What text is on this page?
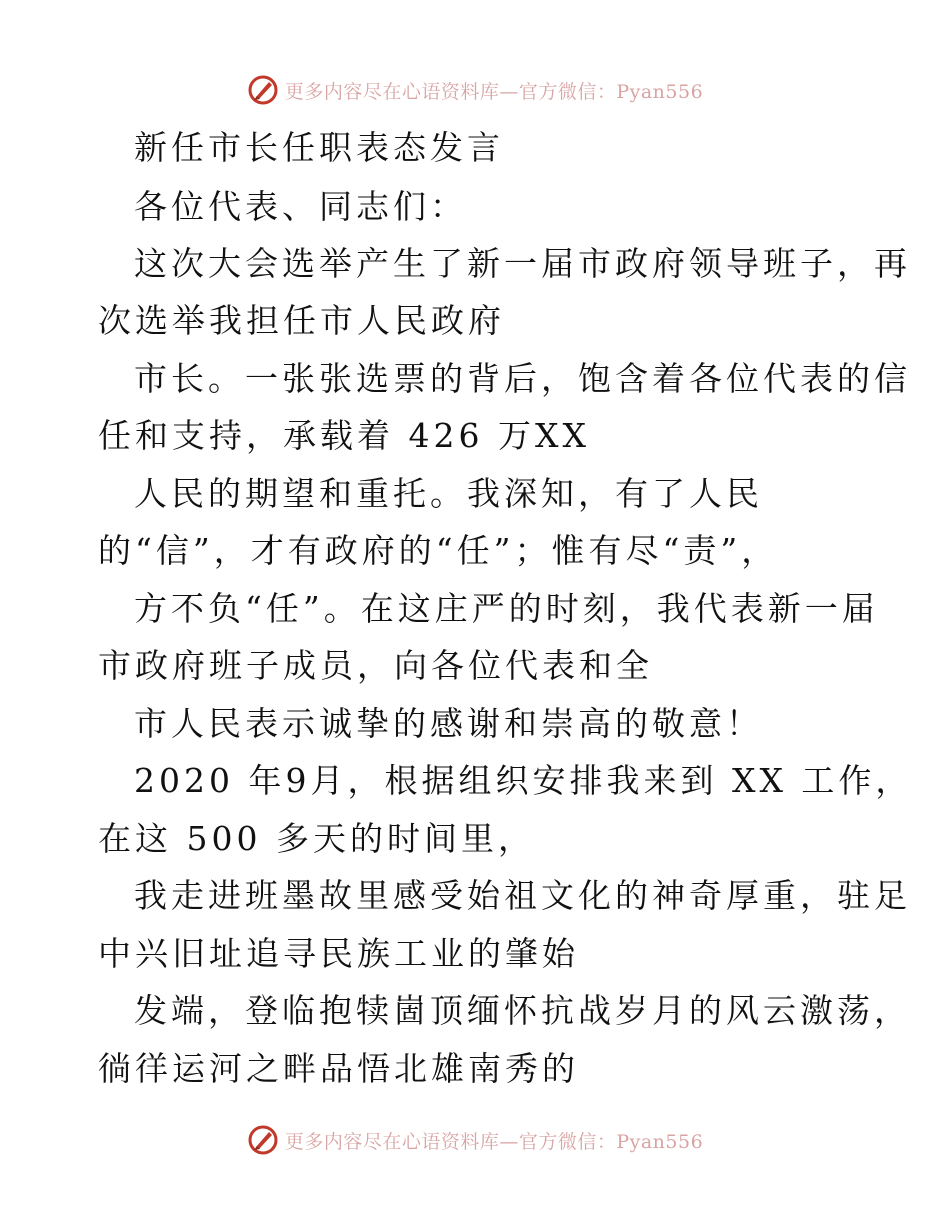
更多内容尽在心语资料库—官方微信：Pyan556
新任市长任职表态发言
各位代表、同志们：
这次大会选举产生了新一届市政府领导班子，再
次选举我担任市人民政府
市长。一张张选票的背后，饱含着各位代表的信
任和支持，承载着 426 万XX
人民的期望和重托。我深知，有了人民
的“信”，才有政府的“任”；惟有尽“责”，
方不负“任”。在这庄严的时刻，我代表新一届
市政府班子成员，向各位代表和全
市人民表示诚挚的感谢和崇高的敬意！
2020 年9月，根据组织安排我来到 XX 工作，
在这 500 多天的时间里，
我走进班墨故里感受始祖文化的神奇厚重，驻足
中兴旧址追寻民族工业的肇始
发端，登临抱犊崮顶缅怀抗战岁月的风云激荡，
徜徉运河之畔品悟北雄南秀的
更多内容尽在心语资料库—官方微信：Pyan556
